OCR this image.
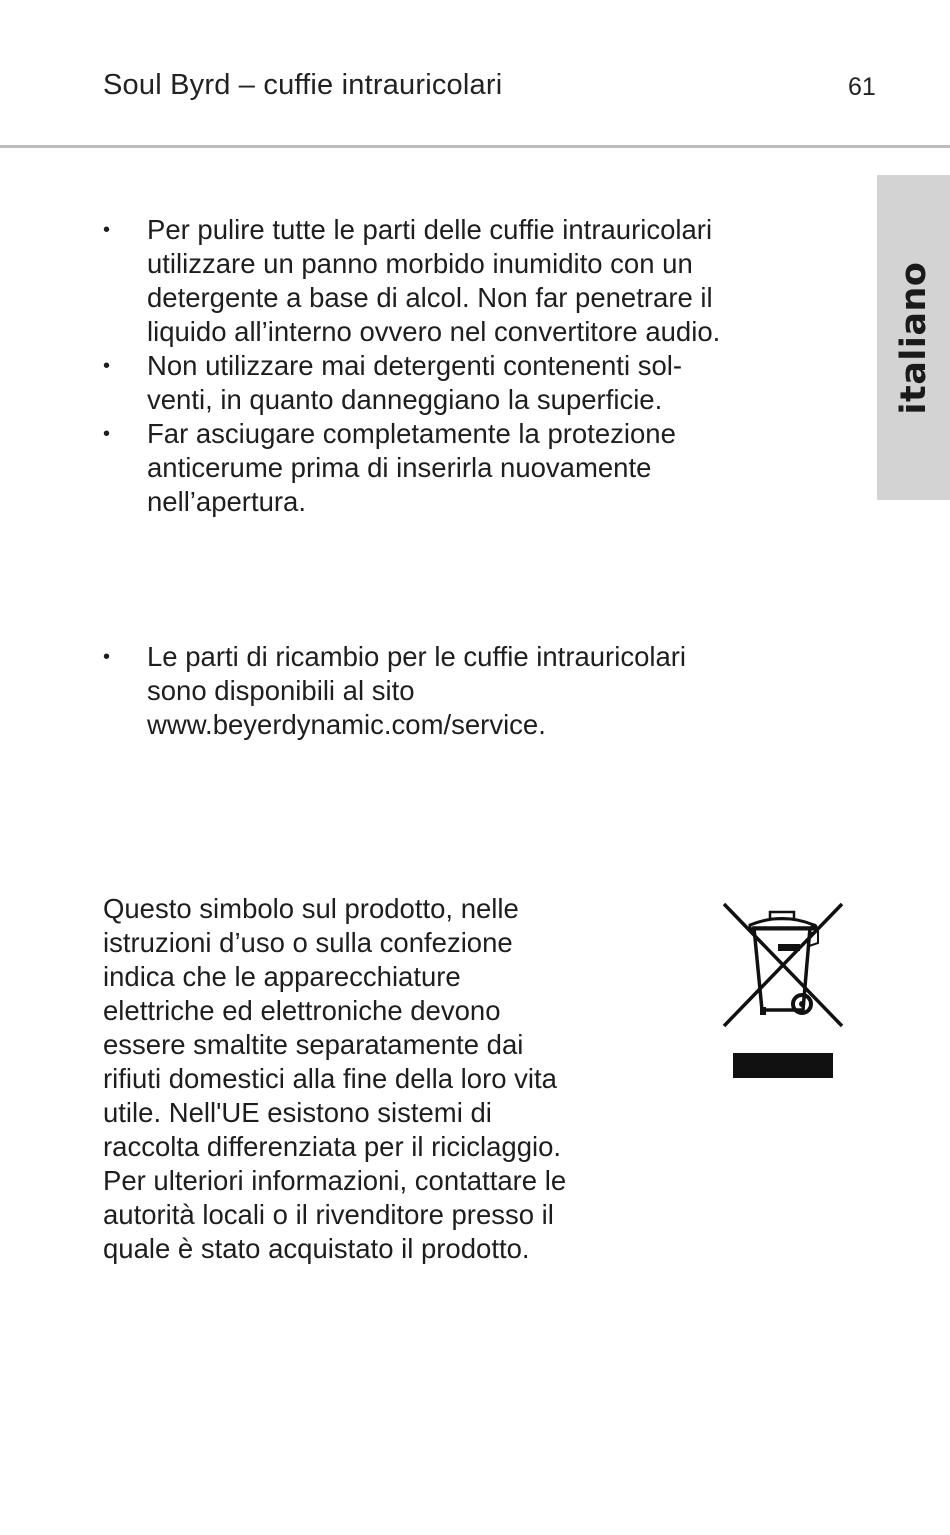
Soul Byrd – cuffie intrauricolari	61
italiano
•	Per pulire tutte le parti delle cuffie intrauricolari
utilizzare un panno morbido inumidito con un
detergente a base di alcol. Non far penetrare il
liquido all’interno ovvero nel convertitore audio.
•	Non utilizzare mai detergenti contenenti sol-
venti, in quanto danneggiano la superficie.
•	Far asciugare completamente la protezione
anticerume prima di inserirla nuovamente
nell’apertura.
•	Le parti di ricambio per le cuffie intrauricolari
sono disponibili al sito
www.beyerdynamic.com/service.
Questo simbolo sul prodotto, nelle
istruzioni d’uso o sulla confezione
indica che le apparecchiature
elettriche ed elettroniche devono
essere smaltite separatamente dai
rifiuti domestici alla fine della loro vita
utile. Nell'UE esistono sistemi di
raccolta differenziata per il riciclaggio.
Per ulteriori informazioni, contattare le
autorità locali o il rivenditore presso il
quale è stato acquistato il prodotto.
